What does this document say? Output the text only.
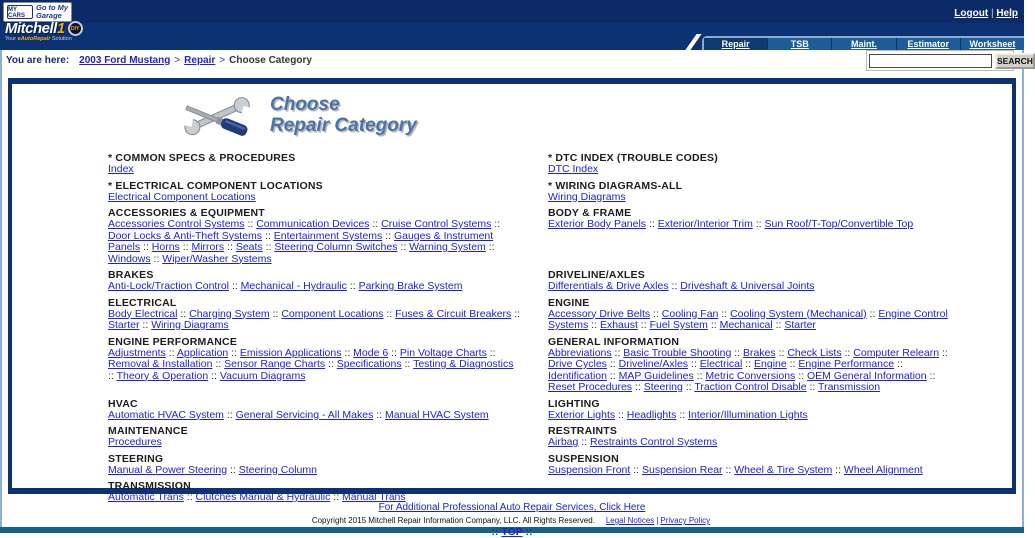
MY CARS
Go to My
Garage	Logout | Help
Mitchell1	DIY
Your eAutoRepair Solution	Repair	TSB	Maint.	Estimator	Worksheet
You are here: 2003 Ford Mustang > Repair > Choose Category	SEARCH
Choose
Repair Category
* COMMON SPECS & PROCEDURES
Index
* DTC INDEX (TROUBLE CODES)
DTC Index
* ELECTRICAL COMPONENT LOCATIONS
Electrical Component Locations
* WIRING DIAGRAMS-ALL
Wiring Diagrams
ACCESSORIES & EQUIPMENT
Accessories Control Systems :: Communication Devices :: Cruise Control Systems :: Door Locks & Anti-Theft Systems :: Entertainment Systems :: Gauges & Instrument Panels :: Horns :: Mirrors :: Seats :: Steering Column Switches :: Warning System :: Windows :: Wiper/Washer Systems
BODY & FRAME
Exterior Body Panels :: Exterior/Interior Trim :: Sun Roof/T-Top/Convertible Top
BRAKES
Anti-Lock/Traction Control :: Mechanical - Hydraulic :: Parking Brake System
DRIVELINE/AXLES
Differentials & Drive Axles :: Driveshaft & Universal Joints
ELECTRICAL
Body Electrical :: Charging System :: Component Locations :: Fuses & Circuit Breakers :: Starter :: Wiring Diagrams
ENGINE
Accessory Drive Belts :: Cooling Fan :: Cooling System (Mechanical) :: Engine Control Systems :: Exhaust :: Fuel System :: Mechanical :: Starter
ENGINE PERFORMANCE
Adjustments :: Application :: Emission Applications :: Mode 6 :: Pin Voltage Charts :: Removal & Installation :: Sensor Range Charts :: Specifications :: Testing & Diagnostics :: Theory & Operation :: Vacuum Diagrams
GENERAL INFORMATION
Abbreviations :: Basic Trouble Shooting :: Brakes :: Check Lists :: Computer Relearn :: Drive Cycles :: Driveline/Axles :: Electrical :: Engine :: Engine Performance :: Identification :: MAP Guidelines :: Metric Conversions :: OEM General Information :: Reset Procedures :: Steering :: Traction Control Disable :: Transmission
HVAC
Automatic HVAC System :: General Servicing - All Makes :: Manual HVAC System
LIGHTING
Exterior Lights :: Headlights :: Interior/Illumination Lights
MAINTENANCE
Procedures
RESTRAINTS
Airbag :: Restraints Control Systems
STEERING
Manual & Power Steering :: Steering Column
SUSPENSION
Suspension Front :: Suspension Rear :: Wheel & Tire System :: Wheel Alignment
TRANSMISSION
Automatic Trans :: Clutches Manual & Hydraulic :: Manual Trans
For Additional Professional Auto Repair Services, Click Here
Copyright 2015 Mitchell Repair Information Company, LLC. All Rights Reserved. Legal Notices | Privacy Policy
:: TOP ::
